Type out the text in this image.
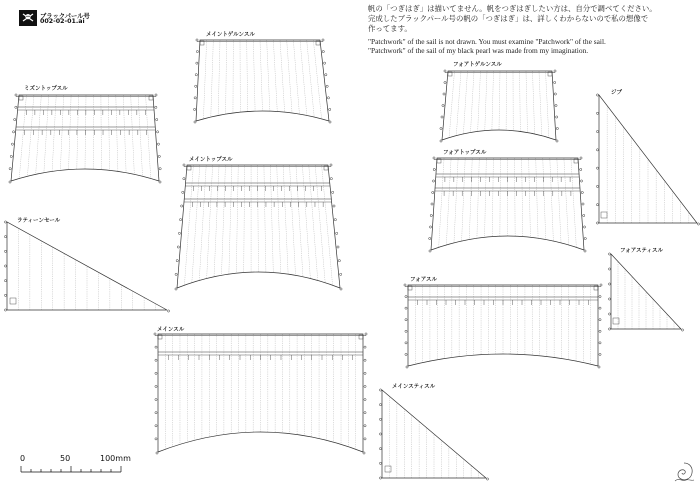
ブラックパール号
002-02-01.ai
帆の「つぎはぎ」は描いてません。帆をつぎはぎしたい方は、自分で調べてください。
完成したブラックパール号の帆の「つぎはぎ」は、詳しくわからないので私の想像で
作ってます。
"Patchwork" of the sail is not drawn. You must examine "Patchwork" of the sail.
"Patchwork" of the sail of my black pearl was made from my imagination.
メイントゲルンスル
ミズントップスル
メイントップスル
ラティーンセール
メインスル
フォアトゲルンスル
フォアトップスル
フォアスル
ジブ
フォアスティスル
メインスティスル
0	50	100mm
